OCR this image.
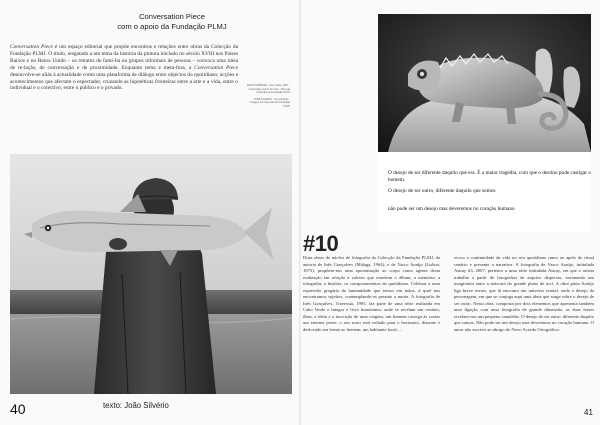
Conversation Piece
com o apoio da Fundação PLMJ

Conversation Piece é um espaço editorial que propõe encontros e relações entre obras da Colecção da Fundação PLMJ. O título, resgatado a um tema da história da pintura iniciado no século XVIII nos Países Baixos e no Reino Unido – os retratos de famí-lia ou grupos informais de pessoas – convoca uma ideia de re-lação, de conversação e de proximidade. Enquanto tema e meta-fora, a Conversation Piece desenvolve-se aliás à actualidade como uma plataforma de diálogo entre objectos do quotidiano, acções e acontecimentos que afectam o espectador, cruzando as hipotéticas fronteiras entre a arte e a vida, entre o individual e o colectivo, entre o público e o privado.	NUNO MOREIRA · Sem título, 2007 · Impressão a jacto de tinta · Obra da Colecção da Fundação PLMJ

JOSÉ SOARES · Na colecção · Imagem da Colecção da Fundação PLMJ

texto: João Silvério

40

O desejo de ser diferente daquilo que era. É a maior tragédia, com que o destino pode castigar o homem.

O desejo de ser outro, diferente daquilo que somos

não pode ser um desejo mas deveremos no coração humano

#10

Duas obras do núcleo de fotografia da Colecção da Fundação PLMJ, da autoria de Inês Gonçalves (Málaga, 1964), e de Vasco Araújo (Lisboa, 1975), propõem-nos uma aproximação ao corpo como agente desta realização em relação a valores que remetem o álbum, a memória, a fotografia, a história, os comportamentos do quotidiano. Celebrar a uma expressão gregária da humanidade que temos em mãos, à qual nos encontramos sujeitos, contemplando-os perante a morte. A fotografia de Inês Gonçalves, Travessia, 1995, faz parte de uma série realizada em Cabo Verde e integra o livro homónimo, onde se revelam um cenário, ilhas, a ideia e a inscrição de uma viagem, um homem carrega às costas um enorme peixe, o seu rosto está voltado para o horizonte, distante e deslocado em frente ao homem, um habitante local, ...

evoca a continuidade da vida no seu quotidiano rumo ao apelo do ritual cenário e presente a narrativa. A fotografia de Vasco Araújo, intitulada Astray #3, 2007, pertence a uma série intitulada Astray, em que o artista trabalha a partir de fotografias de arquivo dispersas, encenando um imaginário entre a máscara do grande plano de acrí. A obra pinta Araújo liga breve textos, que lá encontra um universo teatral, onde o desejo da personagem, em que se conjuga aqui uma ideia que surge sobre o desejo de ser outro. Nesta obra, composta por dois elementos que apresenta também uma ligação com uma fotografia de grande dimensão, as duas frases revelam-nos um pequeno camaleão. O desejo de ser outro, diferente daquilo que somos. Não pode ser um desejo mas deveremos no coração humano. O amor não escreve ao abrigo do Novo Acordo Ortográfico.

41
